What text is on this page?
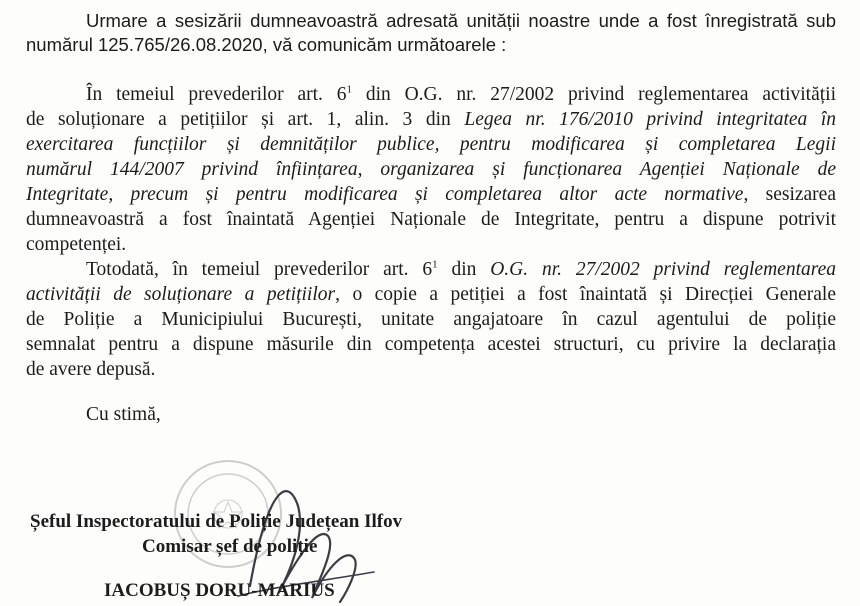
Urmare a sesizării dumneavoastră adresată unității noastre unde a fost înregistrată sub
numărul 125.765/26.08.2020, vă comunicăm următoarele :
În temeiul prevederilor art. $6^1$ din O.G. nr. 27/2002 privind reglementarea activității
de soluționare a petițiilor și art. 1, alin. 3 din Legea nr. 176/2010 privind integritatea în
exercitarea funcțiilor și demnităților publice, pentru modificarea și completarea Legii
numărul 144/2007 privind înființarea, organizarea și funcționarea Agenției Naționale de
Integritate, precum și pentru modificarea și completarea altor acte normative, sesizarea
dumneavoastră a fost înaintată Agenției Naționale de Integritate, pentru a dispune potrivit
competenței.
Totodată, în temeiul prevederilor art. $6^1$ din O.G. nr. 27/2002 privind reglementarea
activității de soluționare a petițiilor, o copie a petiției a fost înaintată și Direcției Generale
de Poliție a Municipiului București, unitate angajatoare în cazul agentului de poliție
semnalat pentru a dispune măsurile din competența acestei structuri, cu privire la declarația
de avere depusă.
Cu stimă,
Șeful Inspectoratului de Poliție Județean Ilfov
Comisar șef de poliție
IACOBUȘ DORU-MARIUS
